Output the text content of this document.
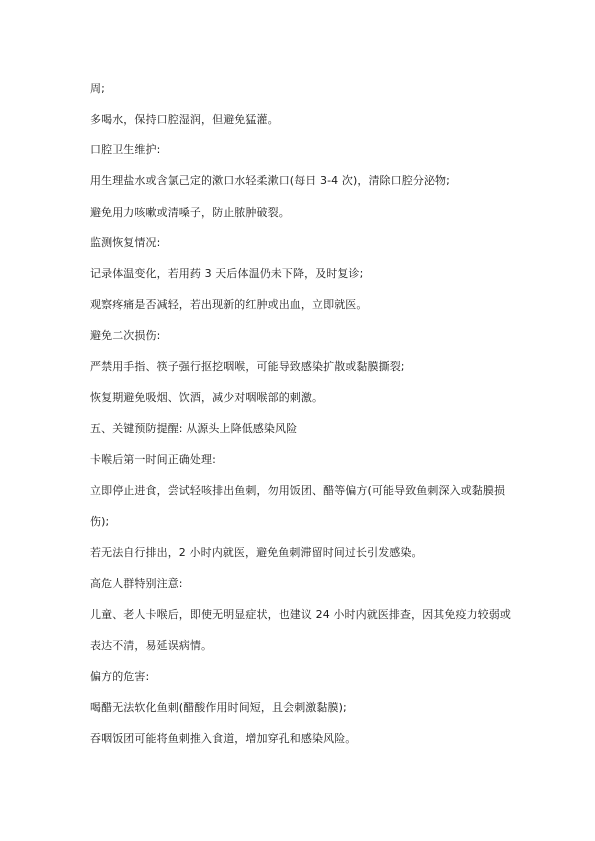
周;
多喝水，保持口腔湿润，但避免猛灌。
口腔卫生维护:
用生理盐水或含氯己定的漱口水轻柔漱口(每日 3-4 次)，清除口腔分泌物;
避免用力咳嗽或清嗓子，防止脓肿破裂。
监测恢复情况:
记录体温变化，若用药 3 天后体温仍未下降，及时复诊;
观察疼痛是否减轻，若出现新的红肿或出血，立即就医。
避免二次损伤:
严禁用手指、筷子强行抠挖咽喉，可能导致感染扩散或黏膜撕裂;
恢复期避免吸烟、饮酒，减少对咽喉部的刺激。
五、关键预防提醒: 从源头上降低感染风险
卡喉后第一时间正确处理:
立即停止进食，尝试轻咳排出鱼刺，勿用饭团、醋等偏方(可能导致鱼刺深入或黏膜损
伤);
若无法自行排出，2 小时内就医，避免鱼刺滞留时间过长引发感染。
高危人群特别注意:
儿童、老人卡喉后，即使无明显症状，也建议 24 小时内就医排查，因其免疫力较弱或
表达不清，易延误病情。
偏方的危害:
喝醋无法软化鱼刺(醋酸作用时间短，且会刺激黏膜);
吞咽饭团可能将鱼刺推入食道，增加穿孔和感染风险。
